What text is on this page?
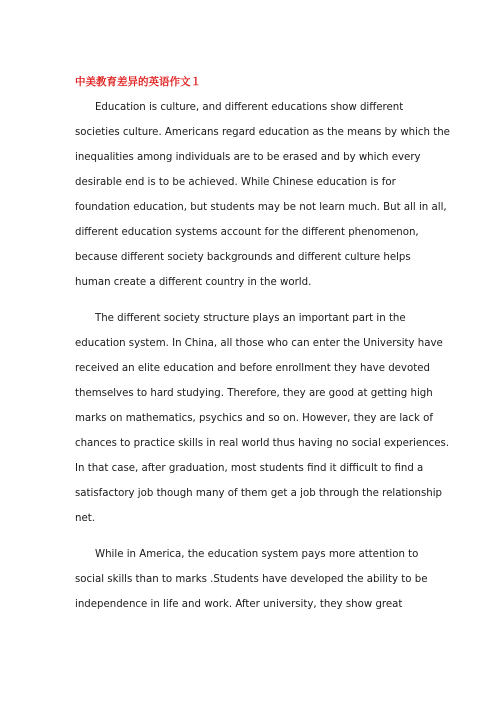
中美教育差异的英语作文１
Education is culture, and different educations show different
societies culture. Americans regard education as the means by which the
inequalities among individuals are to be erased and by which every
desirable end is to be achieved. While Chinese education is for
foundation education, but students may be not learn much. But all in all,
different education systems account for the different phenomenon,
because different society backgrounds and different culture helps
human create a different country in the world.
The different society structure plays an important part in the
education system. In China, all those who can enter the University have
received an elite education and before enrollment they have devoted
themselves to hard studying. Therefore, they are good at getting high
marks on mathematics, psychics and so on. However, they are lack of
chances to practice skills in real world thus having no social experiences.
In that case, after graduation, most students find it difficult to find a
satisfactory job though many of them get a job through the relationship
net.
While in America, the education system pays more attention to
social skills than to marks .Students have developed the ability to be
independence in life and work. After university, they show great
